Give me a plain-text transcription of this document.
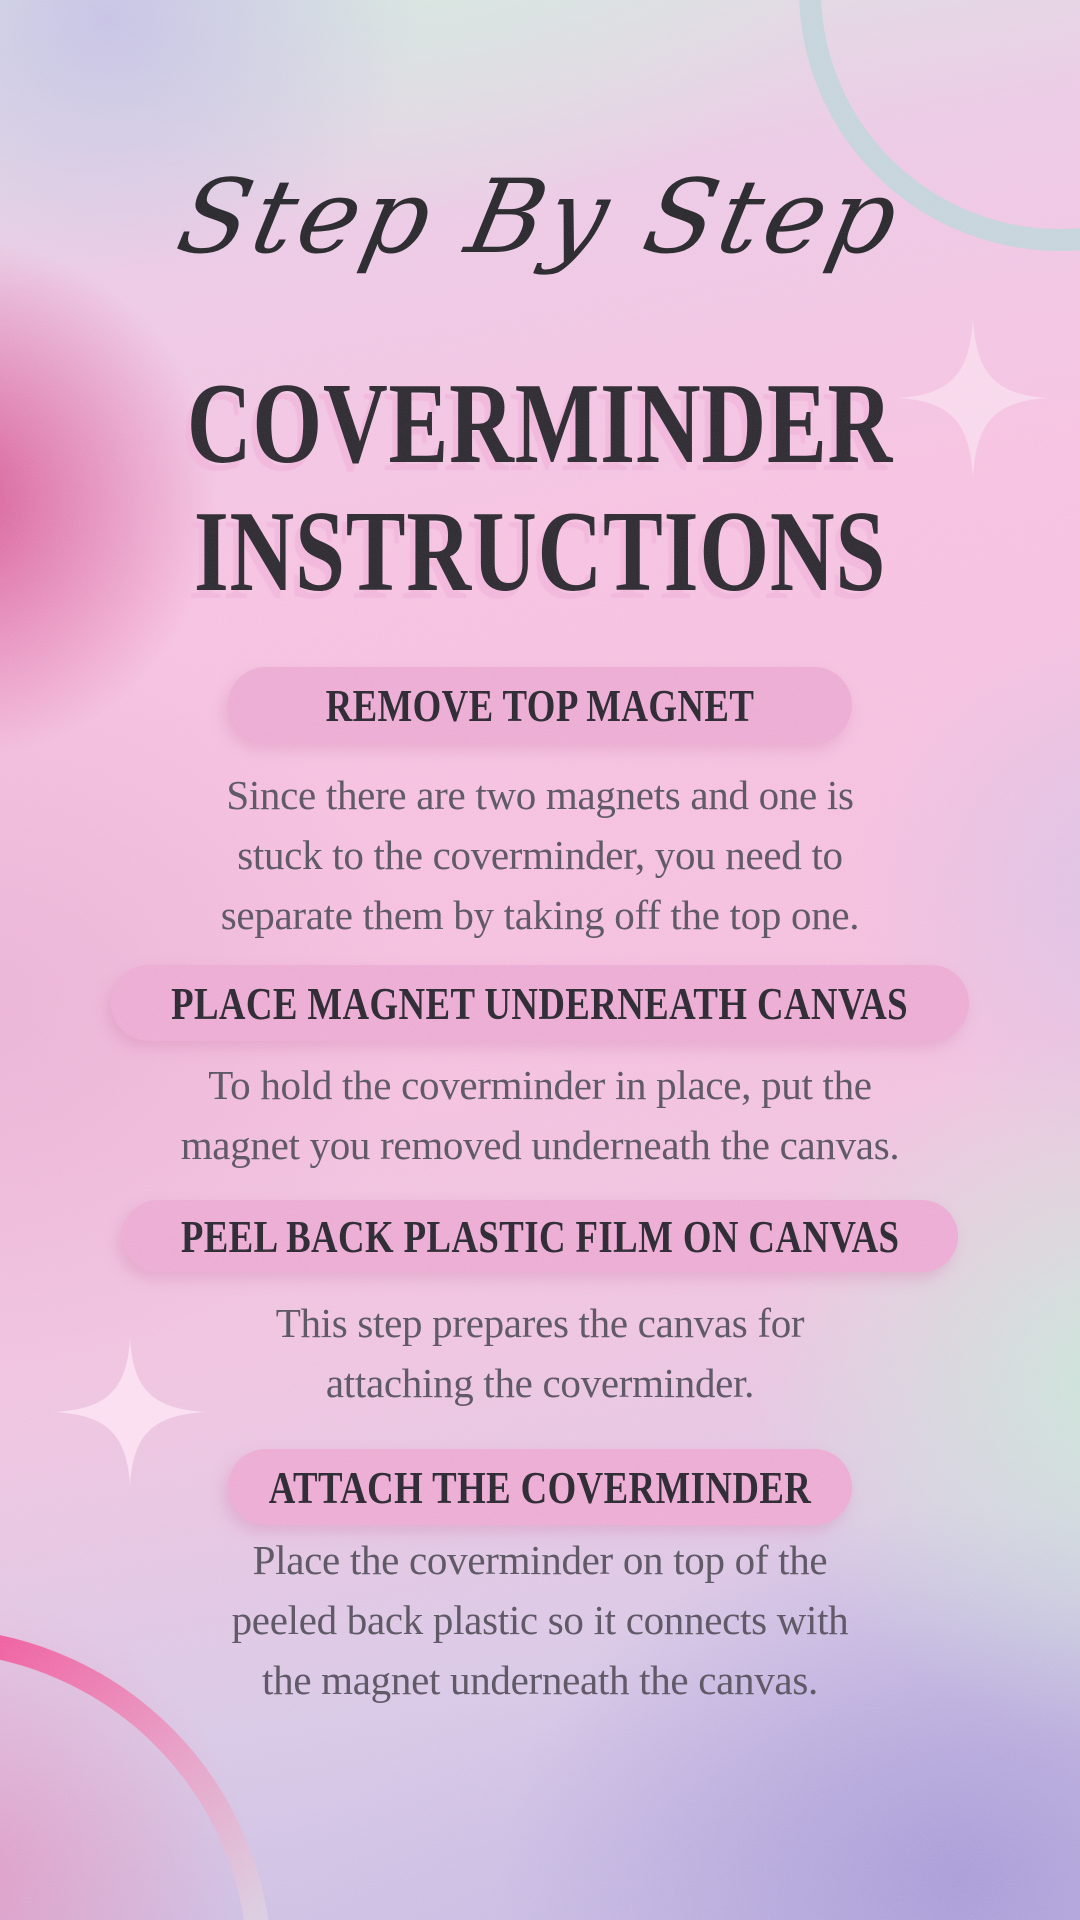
Step By Step
COVERMINDER
INSTRUCTIONS
REMOVE TOP MAGNET
Since there are two magnets and one is
stuck to the coverminder, you need to
separate them by taking off the top one.
PLACE MAGNET UNDERNEATH CANVAS
To hold the coverminder in place, put the
magnet you removed underneath the canvas.
PEEL BACK PLASTIC FILM ON CANVAS
This step prepares the canvas for
attaching the coverminder.
ATTACH THE COVERMINDER
Place the coverminder on top of the
peeled back plastic so it connects with
the magnet underneath the canvas.
